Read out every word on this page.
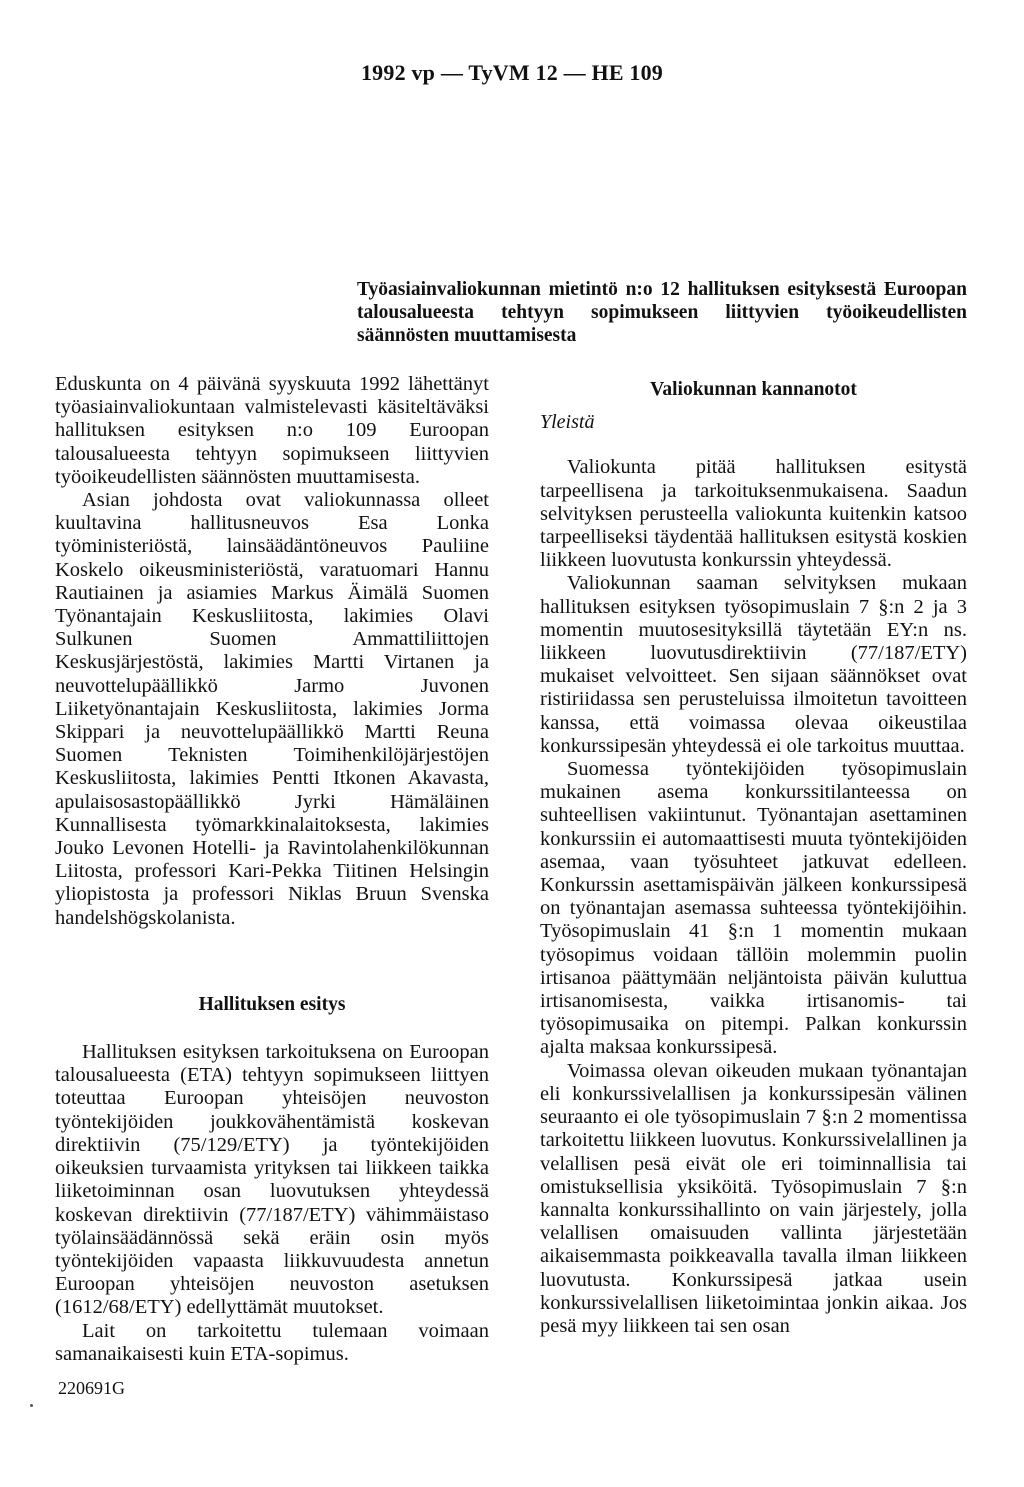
1992 vp — TyVM 12 — HE 109
Työasiainvaliokunnan mietintö n:o 12 hallituksen esityksestä Euroopan talousalueesta tehtyyn sopimukseen liittyvien työoikeudellisten säännösten muuttamisesta

Eduskunta on 4 päivänä syyskuuta 1992 lähettänyt työasiainvaliokuntaan valmistelevasti käsiteltäväksi hallituksen esityksen n:o 109 Euroopan talousalueesta tehtyyn sopimukseen liittyvien työoikeudellisten säännösten muuttamisesta.

Asian johdosta ovat valiokunnassa olleet kuultavina hallitusneuvos Esa Lonka työministeriöstä, lainsäädäntöneuvos Pauliine Koskelo oikeusministeriöstä, varatuomari Hannu Rautiainen ja asiamies Markus Äimälä Suomen Työnantajain Keskusliitosta, lakimies Olavi Sulkunen Suomen Ammattiliittojen Keskusjärjestöstä, lakimies Martti Virtanen ja neuvottelupäällikkö Jarmo Juvonen Liiketyönantajain Keskusliitosta, lakimies Jorma Skippari ja neuvottelupäällikkö Martti Reuna Suomen Teknisten Toimihenkilöjärjestöjen Keskusliitosta, lakimies Pentti Itkonen Akavasta, apulaisosastopäällikkö Jyrki Hämäläinen Kunnallisesta työmarkkinalaitoksesta, lakimies Jouko Levonen Hotelli- ja Ravintolahenkilökunnan Liitosta, professori Kari-Pekka Tiitinen Helsingin yliopistosta ja professori Niklas Bruun Svenska handelshögskolanista.

Hallituksen esitys

Hallituksen esityksen tarkoituksena on Euroopan talousalueesta (ETA) tehtyyn sopimukseen liittyen toteuttaa Euroopan yhteisöjen neuvoston työntekijöiden joukkovähentämistä koskevan direktiivin (75/129/ETY) ja työntekijöiden oikeuksien turvaamista yrityksen tai liikkeen taikka liiketoiminnan osan luovutuksen yhteydessä koskevan direktiivin (77/187/ETY) vähimmäistaso työlainsäädännössä sekä eräin osin myös työntekijöiden vapaasta liikkuvuudesta annetun Euroopan yhteisöjen neuvoston asetuksen (1612/68/ETY) edellyttämät muutokset.

Lait on tarkoitettu tulemaan voimaan samanaikaisesti kuin ETA-sopimus.

Valiokunnan kannanotot
Yleistä

Valiokunta pitää hallituksen esitystä tarpeellisena ja tarkoituksenmukaisena. Saadun selvityksen perusteella valiokunta kuitenkin katsoo tarpeelliseksi täydentää hallituksen esitystä koskien liikkeen luovutusta konkurssin yhteydessä.

Valiokunnan saaman selvityksen mukaan hallituksen esityksen työsopimuslain 7 §:n 2 ja 3 momentin muutosesityksillä täytetään EY:n ns. liikkeen luovutusdirektiivin (77/187/ETY) mukaiset velvoitteet. Sen sijaan säännökset ovat ristiriidassa sen perusteluissa ilmoitetun tavoitteen kanssa, että voimassa olevaa oikeustilaa konkurssipesän yhteydessä ei ole tarkoitus muuttaa.

Suomessa työntekijöiden työsopimuslain mukainen asema konkurssitilanteessa on suhteellisen vakiintunut. Työnantajan asettaminen konkurssiin ei automaattisesti muuta työntekijöiden asemaa, vaan työsuhteet jatkuvat edelleen. Konkurssin asettamispäivän jälkeen konkurssipesä on työnantajan asemassa suhteessa työntekijöihin. Työsopimuslain 41 §:n 1 momentin mukaan työsopimus voidaan tällöin molemmin puolin irtisanoa päättymään neljäntoista päivän kuluttua irtisanomisesta, vaikka irtisanomis- tai työsopimusaika on pitempi. Palkan konkurssin ajalta maksaa konkurssipesä.

Voimassa olevan oikeuden mukaan työnantajan eli konkurssivelallisen ja konkurssipesän välinen seuraanto ei ole työsopimuslain 7 §:n 2 momentissa tarkoitettu liikkeen luovutus. Konkurssivelallinen ja velallisen pesä eivät ole eri toiminnallisia tai omistuksellisia yksiköitä. Työsopimuslain 7 §:n kannalta konkurssihallinto on vain järjestely, jolla velallisen omaisuuden vallinta järjestetään aikaisemmasta poikkeavalla tavalla ilman liikkeen luovutusta. Konkurssipesä jatkaa usein konkurssivelallisen liiketoimintaa jonkin aikaa. Jos pesä myy liikkeen tai sen osan

220691G
